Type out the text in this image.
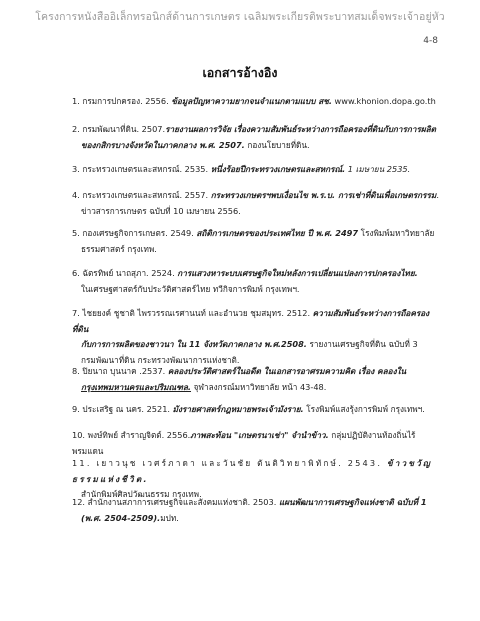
โครงการหนังสืออิเล็กทรอนิกส์ด้านการเกษตร เฉลิมพระเกียรติพระบาทสมเด็จพระเจ้าอยู่หัว
4-8
เอกสารอ้างอิง
1. กรมการปกครอง. 2556. ข้อมูลปัญหาความยากจนจำแนกตามแบบ สช. www.khonion.dopa.go.th
2. กรมพัฒนาที่ดิน. 2507.รายงานผลการวิจัย เรื่องความสัมพันธ์ระหว่างการถือครองที่ดินกับการการผลิต
ของกสิกรบางจังหวัดในภาคกลาง พ.ศ. 2507. กองนโยบายที่ดิน.
3. กระทรวงเกษตรและสหกรณ์. 2535. หนึ่งร้อยปีกระทรวงเกษตรและสหกรณ์. 1 เมษายน 2535.
4. กระทรวงเกษตรและสหกรณ์. 2557. กระทรวงเกษตรฯพบเงื่อนไข พ.ร.บ. การเช่าที่ดินเพื่อเกษตรกรรม.
ข่าวสารการเกษตร ฉบับที่ 10 เมษายน 2556.
5. กองเศรษฐกิจการเกษตร. 2549. สถิติการเกษตรของประเทศไทย ปี พ.ศ. 2497 โรงพิมพ์มหาวิทยาลัย
ธรรมศาสตร์ กรุงเทพ.
6. ฉัตรทิพย์ นาถสุภา. 2524. การแสวงหาระบบเศรษฐกิจใหม่หลังการเปลี่ยนแปลงการปกครองไทย.
ในเศรษฐศาสตร์กับประวัติศาสตร์ไทย ทวีกิจการพิมพ์ กรุงเทพฯ.
7. ไชยยงค์ ชูชาติ ไพรวรรณเรศานนท์ และอำนวย ชุมสมุทร. 2512. ความสัมพันธ์ระหว่างการถือครองที่ดิน
กับการการผลิตของชาวนา ใน 11 จังหวัดภาคกลาง พ.ศ.2508. รายงานเศรษฐกิจที่ดิน ฉบับที่ 3
กรมพัฒนาที่ดิน กระทรวงพัฒนาการแห่งชาติ.
8. ปิยนาถ บุนนาค .2537. คลองประวัติศาสตร์ในอดีต ในเอกสารอาศรมความคิด เรื่อง คลองใน
กรุงเทพมหานครและปริมณฑล. จุฬาลงกรณ์มหาวิทยาลัย หน้า 43-48.
9. ประเสริฐ ณ นคร. 2521. มังรายศาสตร์กฎหมายพระเจ้ามังราย. โรงพิมพ์แสงรุ้งการพิมพ์ กรุงเทพฯ.
10. พงษ์ทิพย์ สำราญจิตต์. 2556.ภาพสะท้อน "เกษตรนาเช่า" จำนำข้าว. กลุ่มปฏิบัติงานท้องถิ่นไร้พรมแดน
11. เยาวนุช เวศร์ภาดา และวันชัย ตันติวิทยาพิทักษ์. 2543. ข้าวขวัญธรรมแห่งชีวิต.
สำนักพิมพ์ศิลปวัฒนธรรม กรุงเทพ.
12. สำนักงานสภาการเศรษฐกิจและสังคมแห่งชาติ. 2503. แผนพัฒนาการเศรษฐกิจแห่งชาติ ฉบับที่ 1
(พ.ศ. 2504-2509).มปท.
